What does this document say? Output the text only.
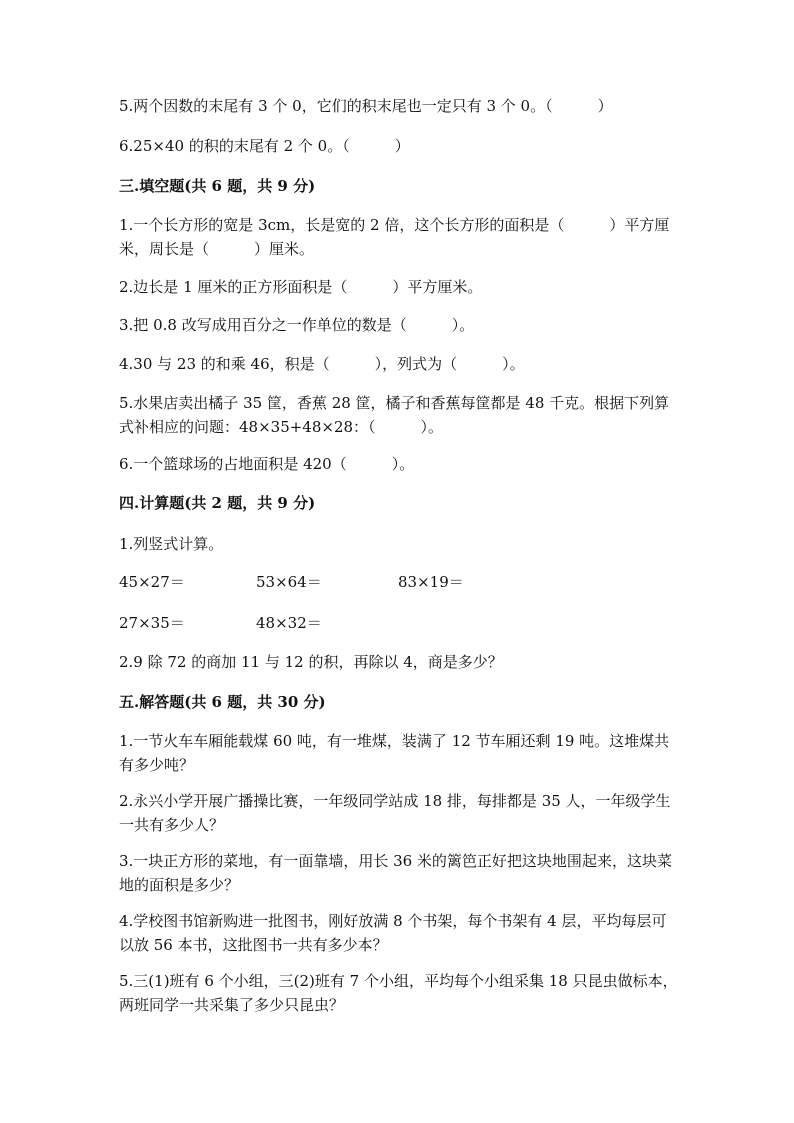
5.两个因数的末尾有 3 个 0，它们的积末尾也一定只有 3 个 0。（　　　）
6.25×40 的积的末尾有 2 个 0。（　　　）
三.填空题(共 6 题，共 9 分)
1.一个长方形的宽是 3cm，长是宽的 2 倍，这个长方形的面积是（　　　）平方厘米，周长是（　　　）厘米。
2.边长是 1 厘米的正方形面积是（　　　）平方厘米。
3.把 0.8 改写成用百分之一作单位的数是（　　　）。
4.30 与 23 的和乘 46，积是（　　　），列式为（　　　）。
5.水果店卖出橘子 35 筐，香蕉 28 筐，橘子和香蕉每筐都是 48 千克。根据下列算式补相应的问题：48×35+48×28：（　　　）。
6.一个篮球场的占地面积是 420（　　　）。
四.计算题(共 2 题，共 9 分)
1.列竖式计算。
45×27＝	53×64＝	83×19＝
27×35＝	48×32＝
2.9 除 72 的商加 11 与 12 的积，再除以 4，商是多少？
五.解答题(共 6 题，共 30 分)
1.一节火车车厢能载煤 60 吨，有一堆煤，装满了 12 节车厢还剩 19 吨。这堆煤共有多少吨？
2.永兴小学开展广播操比赛，一年级同学站成 18 排，每排都是 35 人，一年级学生一共有多少人？
3.一块正方形的菜地，有一面靠墙，用长 36 米的篱笆正好把这块地围起来，这块菜地的面积是多少？
4.学校图书馆新购进一批图书，刚好放满 8 个书架，每个书架有 4 层，平均每层可以放 56 本书，这批图书一共有多少本？
5.三(1)班有 6 个小组，三(2)班有 7 个小组，平均每个小组采集 18 只昆虫做标本，两班同学一共采集了多少只昆虫？
